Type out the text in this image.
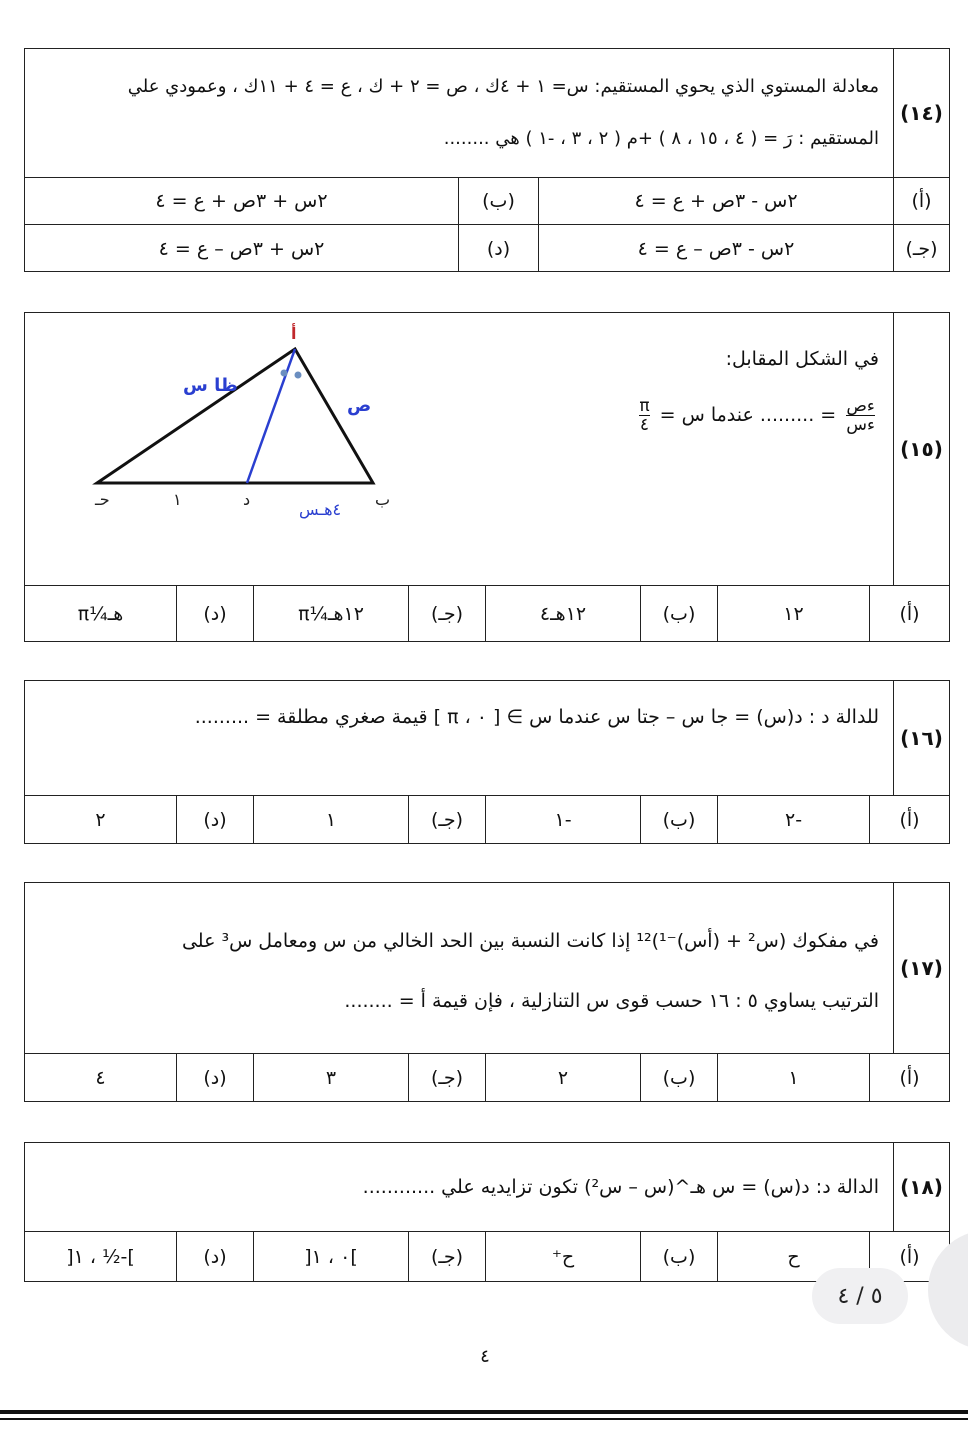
(١٤)
معادلة المستوي الذي يحوي المستقيم: س= ١ + ٤ك ، ص = ٢ + ك ، ع = ٤ + ١١ك ، وعمودي علي
المستقيم : رَ = ( ٤ ، ١٥ ، ٨ ) +م ( ٢ ، ٣ ، -١ ) هي ........
(أ)
٢س - ٣ص + ع = ٤
(ب)
٢س + ٣ص + ع = ٤
(جـ)
٢س - ٣ص – ع = ٤
(د)
٢س + ٣ص – ع = ٤
(١٥)
في الشكل المقابل:
$\frac{\text{ءص}}{\text{ءس}}$
= ......... عندما س =
$\frac{\pi}{٤}$
أ
ب
حـ	د
ظا س
ص
١
٤هـس
(أ)
١٢
(ب)
١٢هـ٤
(جـ)
١٢هـ¼π
(د)
هـ¼π
(١٦)
للدالة د : د(س) = جا س – جتا س عندما س ∋ [ ٠ ، π ] قيمة صغري مطلقة = .........
(أ)
-٢
(ب)
-١
(جـ)
١
(د)
٢
(١٧)
في مفكوك (س² + (أس)⁻¹)¹² إذا كانت النسبة بين الحد الخالي من س ومعامل س³ على
الترتيب يساوي ٥ : ١٦ حسب قوى س التنازلية ، فإن قيمة أ = ........
(أ)
١
(ب)
٢
(جـ)
٣
(د)
٤
(١٨)
الدالة د: د(س) = س هـ^(س – س²) تكون تزايديه علي ............
(أ)
ح
(ب)
ح⁺
(جـ)
]٠ ، ١[
(د)
]-½ ، ١[
٥ / ٤
٤
